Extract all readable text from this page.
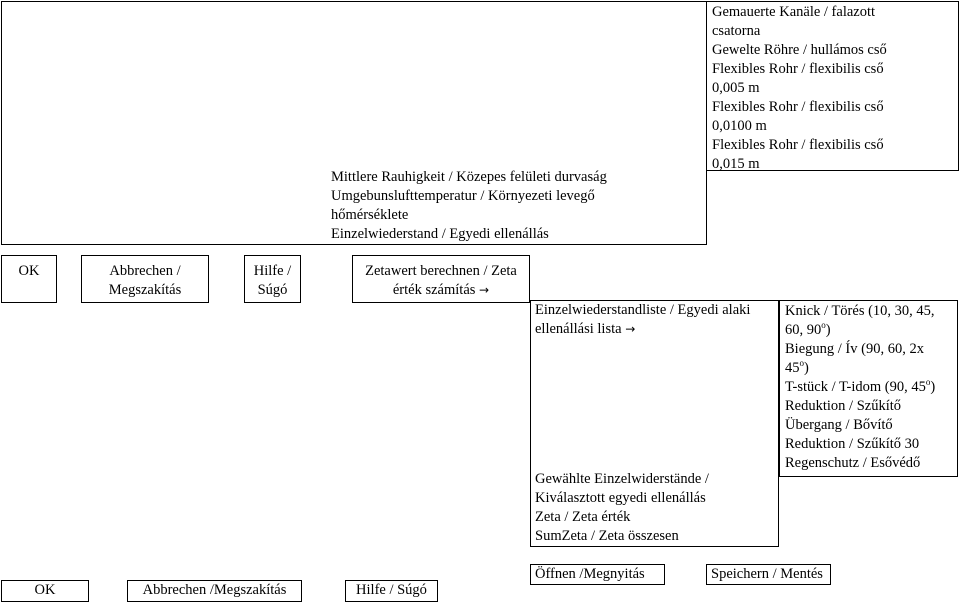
Mittlere Rauhigkeit / Közepes felületi durvaság
Umgebunslufttemperatur / Környezeti levegő
hőmérséklete
Einzelwiederstand / Egyedi ellenállás
Gemauerte Kanäle / falazott
csatorna
Gewelte Röhre / hullámos cső
Flexibles Rohr / flexibilis cső
0,005 m
Flexibles Rohr / flexibilis cső
0,0100 m
Flexibles Rohr / flexibilis cső
0,015 m
OK	Abbrechen /
Megszakítás
Hilfe /
Súgó
Zetawert berechnen / Zeta
érték számítás →
Einzelwiederstandliste / Egyedi alaki
ellenállási lista →
Gewählte Einzelwiderstände /
Kiválasztott egyedi ellenállás
Zeta / Zeta érték
SumZeta / Zeta összesen
Knick / Törés (10, 30, 45,
60, 90$^o$)
Biegung / Ív (90, 60, 2x
45$^o$)
T-stück / T-idom (90, 45$^o$)
Reduktion / Szűkítő
Übergang / Bővítő
Reduktion / Szűkítő 30
Regenschutz / Esővédő
Öffnen /Megnyitás	Speichern / Mentés
OK	Abbrechen /Megszakítás	Hilfe / Súgó
